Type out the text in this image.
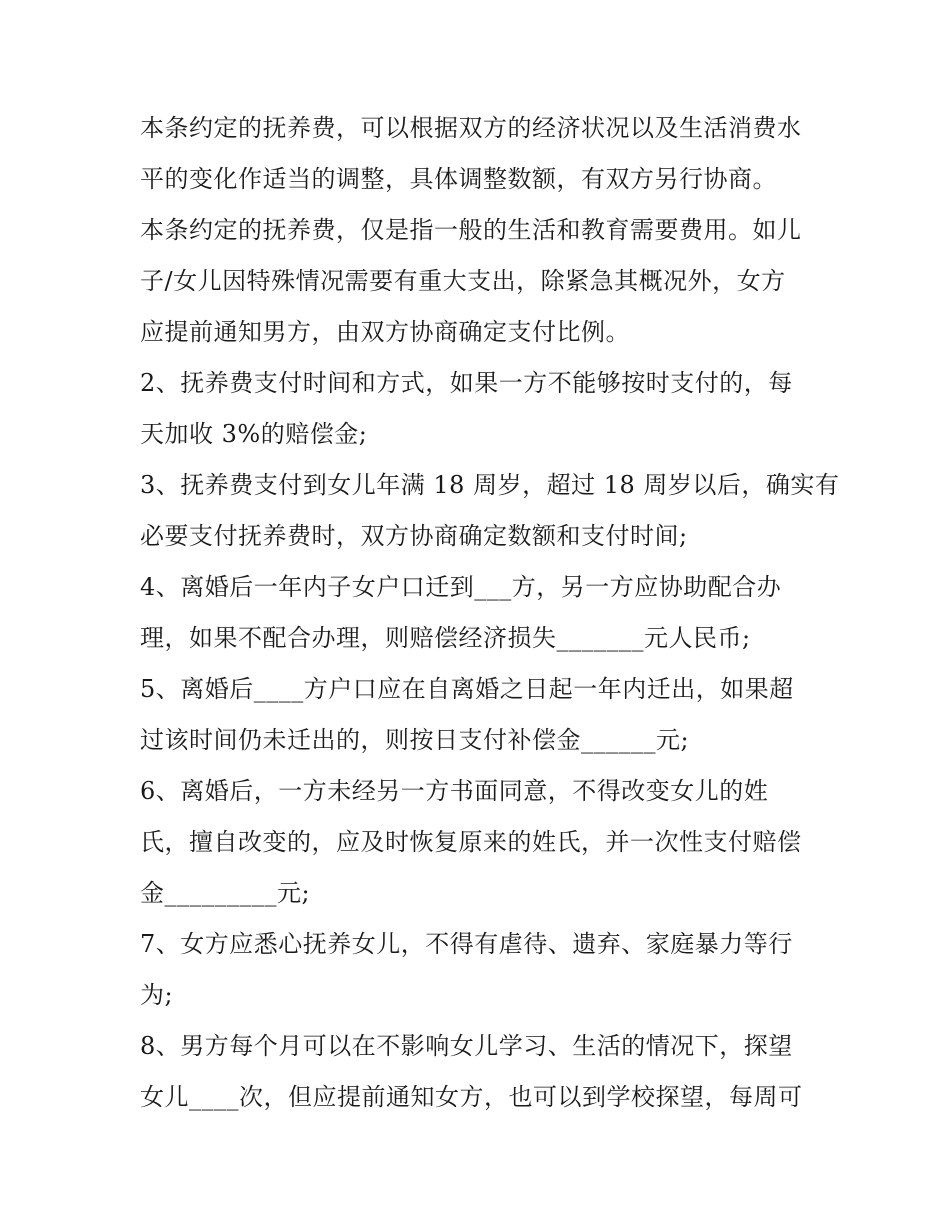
本条约定的抚养费，可以根据双方的经济状况以及生活消费水
平的变化作适当的调整，具体调整数额，有双方另行协商。
本条约定的抚养费，仅是指一般的生活和教育需要费用。如儿
子/女儿因特殊情况需要有重大支出，除紧急其概况外，女方
应提前通知男方，由双方协商确定支付比例。
2、抚养费支付时间和方式，如果一方不能够按时支付的，每
天加收 3%的赔偿金;
3、抚养费支付到女儿年满 18 周岁，超过 18 周岁以后，确实有
必要支付抚养费时，双方协商确定数额和支付时间;
4、离婚后一年内子女户口迁到___方，另一方应协助配合办
理，如果不配合办理，则赔偿经济损失_______元人民币;
5、离婚后____方户口应在自离婚之日起一年内迁出，如果超
过该时间仍未迁出的，则按日支付补偿金______元;
6、离婚后，一方未经另一方书面同意，不得改变女儿的姓
氏，擅自改变的，应及时恢复原来的姓氏，并一次性支付赔偿
金_________元;
7、女方应悉心抚养女儿，不得有虐待、遗弃、家庭暴力等行
为;
8、男方每个月可以在不影响女儿学习、生活的情况下，探望
女儿____次，但应提前通知女方，也可以到学校探望，每周可
